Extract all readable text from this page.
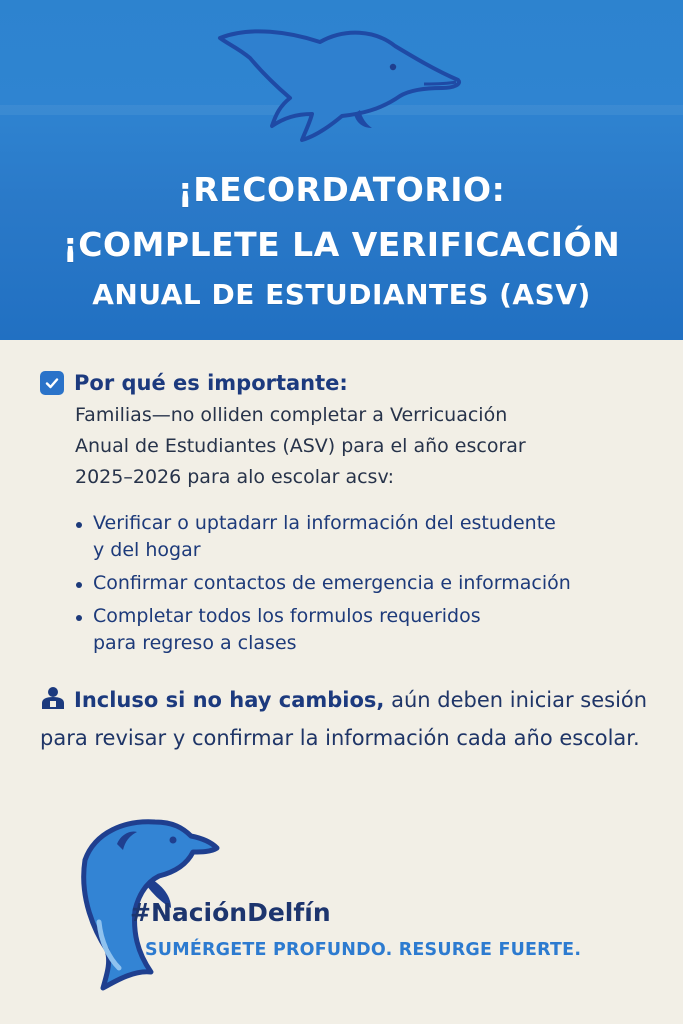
¡RECORDATORIO:
¡COMPLETE LA VERIFICACIÓN
ANUAL DE ESTUDIANTES (ASV)
Por qué es importante:
Familias—no olliden completar a Verricuación
Anual de Estudiantes (ASV) para el año escorar
2025–2026 para alo escolar acsv:
Verificar o uptadarr la información del estudente
y del hogar
Confirmar contactos de emergencia e información
Completar todos los formulos requeridos
para regreso a clases
Incluso si no hay cambios, aún deben iniciar sesión para revisar y confirmar la información cada año escolar.
#NaciónDelfín
SUMÉRGETE PROFUNDO. RESURGE FUERTE.
